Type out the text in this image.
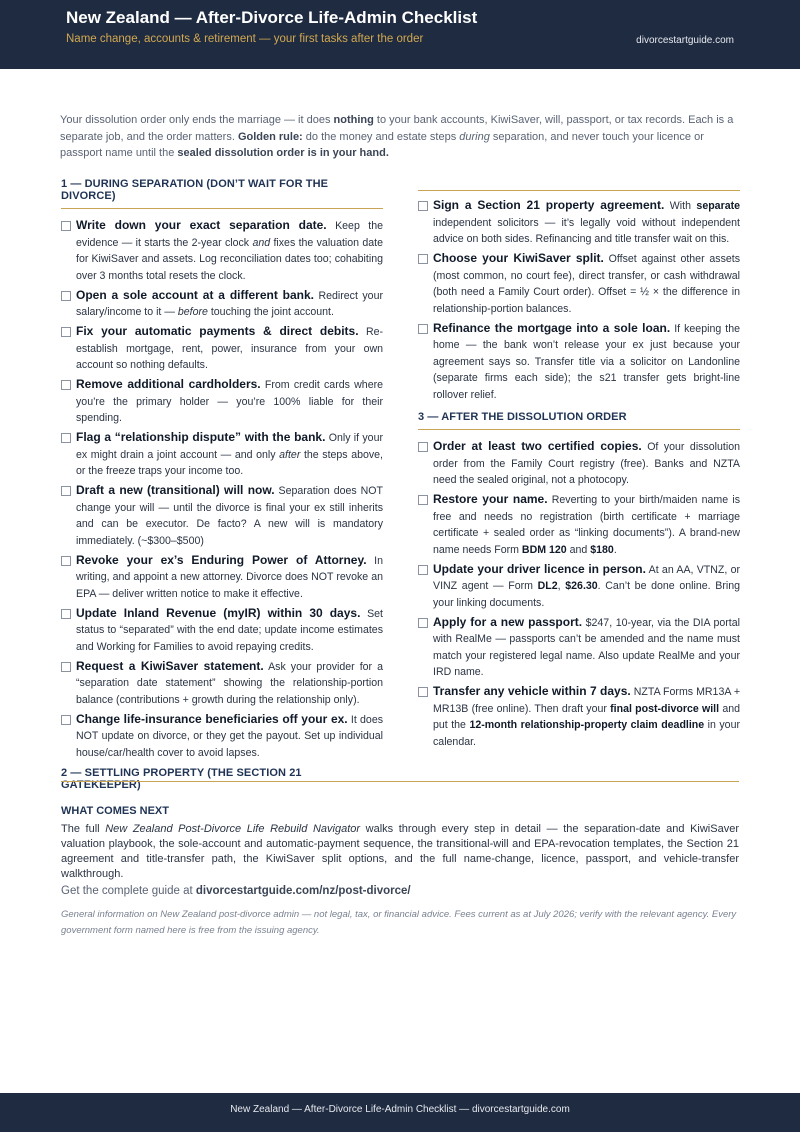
New Zealand — After-Divorce Life-Admin Checklist
Name change, accounts & retirement — your first tasks after the order	divorcestartguide.com
Your dissolution order only ends the marriage — it does nothing to your bank accounts, KiwiSaver, will, passport, or tax records. Each is a separate job, and the order matters. Golden rule: do the money and estate steps during separation, and never touch your licence or passport name until the sealed dissolution order is in your hand.
1 — DURING SEPARATION (DON’T WAIT FOR THE DIVORCE)
Write down your exact separation date. Keep the evidence — it starts the 2-year clock and fixes the valuation date for KiwiSaver and assets. Log reconciliation dates too; cohabiting over 3 months total resets the clock.
Open a sole account at a different bank. Redirect your salary/income to it — before touching the joint account.
Fix your automatic payments & direct debits. Re-establish mortgage, rent, power, insurance from your own account so nothing defaults.
Remove additional cardholders. From credit cards where you’re the primary holder — you’re 100% liable for their spending.
Flag a “relationship dispute” with the bank. Only if your ex might drain a joint account — and only after the steps above, or the freeze traps your income too.
Draft a new (transitional) will now. Separation does NOT change your will — until the divorce is final your ex still inherits and can be executor. De facto? A new will is mandatory immediately. (~$300–$500)
Revoke your ex’s Enduring Power of Attorney. In writing, and appoint a new attorney. Divorce does NOT revoke an EPA — deliver written notice to make it effective.
Update Inland Revenue (myIR) within 30 days. Set status to “separated” with the end date; update income estimates and Working for Families to avoid repaying credits.
Request a KiwiSaver statement. Ask your provider for a “separation date statement” showing the relationship-portion balance (contributions + growth during the relationship only).
Change life-insurance beneficiaries off your ex. It does NOT update on divorce, or they get the payout. Set up individual house/car/health cover to avoid lapses.
2 — SETTLING PROPERTY (THE SECTION 21 GATEKEEPER)
Sign a Section 21 property agreement. With separate independent solicitors — it’s legally void without independent advice on both sides. Refinancing and title transfer wait on this.
Choose your KiwiSaver split. Offset against other assets (most common, no court fee), direct transfer, or cash withdrawal (both need a Family Court order). Offset = ½ × the difference in relationship-portion balances.
Refinance the mortgage into a sole loan. If keeping the home — the bank won’t release your ex just because your agreement says so. Transfer title via a solicitor on Landonline (separate firms each side); the s21 transfer gets bright-line rollover relief.
3 — AFTER THE DISSOLUTION ORDER
Order at least two certified copies. Of your dissolution order from the Family Court registry (free). Banks and NZTA need the sealed original, not a photocopy.
Restore your name. Reverting to your birth/maiden name is free and needs no registration (birth certificate + marriage certificate + sealed order as “linking documents”). A brand-new name needs Form BDM 120 and $180.
Update your driver licence in person. At an AA, VTNZ, or VINZ agent — Form DL2, $26.30. Can’t be done online. Bring your linking documents.
Apply for a new passport. $247, 10-year, via the DIA portal with RealMe — passports can’t be amended and the name must match your registered legal name. Also update RealMe and your IRD name.
Transfer any vehicle within 7 days. NZTA Forms MR13A + MR13B (free online). Then draft your final post-divorce will and put the 12-month relationship-property claim deadline in your calendar.
WHAT COMES NEXT
The full New Zealand Post-Divorce Life Rebuild Navigator walks through every step in detail — the separation-date and KiwiSaver valuation playbook, the sole-account and automatic-payment sequence, the transitional-will and EPA-revocation templates, the Section 21 agreement and title-transfer path, the KiwiSaver split options, and the full name-change, licence, passport, and vehicle-transfer walkthrough.
Get the complete guide at divorcestartguide.com/nz/post-divorce/
General information on New Zealand post-divorce admin — not legal, tax, or financial advice. Fees current as at July 2026; verify with the relevant agency. Every government form named here is free from the issuing agency.
New Zealand — After-Divorce Life-Admin Checklist — divorcestartguide.com
